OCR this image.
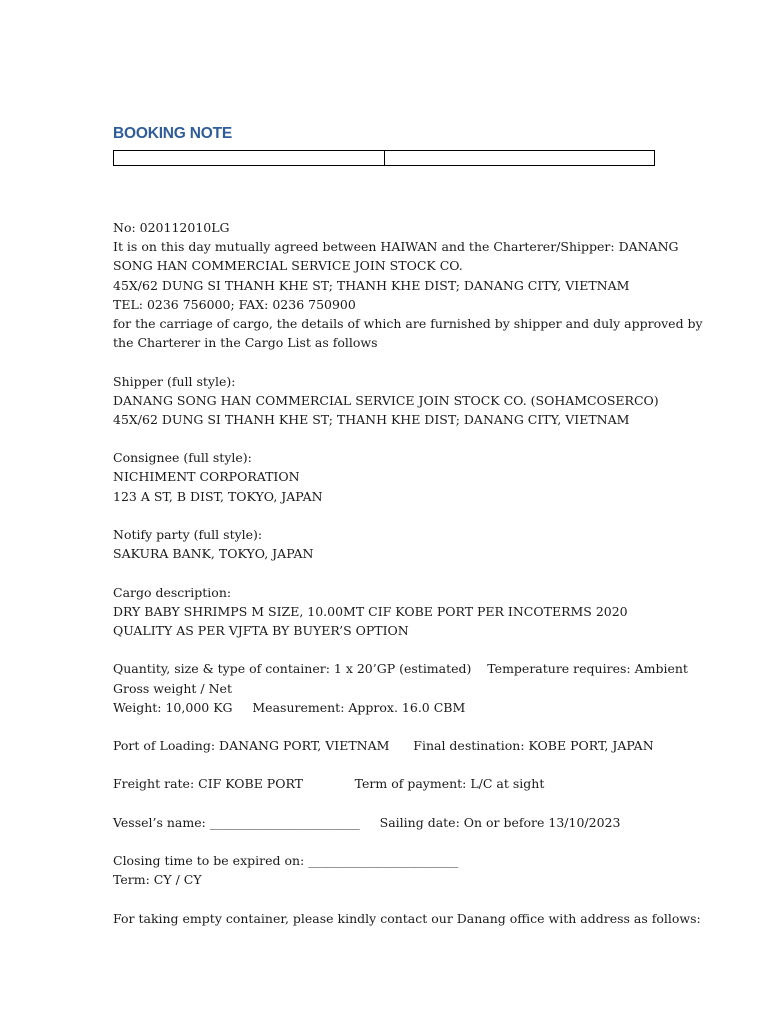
BOOKING NOTE

No: 020112010LG
It is on this day mutually agreed between HAIWAN and the Charterer/Shipper: DANANG
SONG HAN COMMERCIAL SERVICE JOIN STOCK CO.
45X/62 DUNG SI THANH KHE ST; THANH KHE DIST; DANANG CITY, VIETNAM
TEL: 0236 756000; FAX: 0236 750900
for the carriage of cargo, the details of which are furnished by shipper and duly approved by
the Charterer in the Cargo List as follows
Shipper (full style):
DANANG SONG HAN COMMERCIAL SERVICE JOIN STOCK CO. (SOHAMCOSERCO)
45X/62 DUNG SI THANH KHE ST; THANH KHE DIST; DANANG CITY, VIETNAM
Consignee (full style):
NICHIMENT CORPORATION
123 A ST, B DIST, TOKYO, JAPAN
Notify party (full style):
SAKURA BANK, TOKYO, JAPAN
Cargo description:
DRY BABY SHRIMPS M SIZE, 10.00MT CIF KOBE PORT PER INCOTERMS 2020
QUALITY AS PER VJFTA BY BUYER’S OPTION
Quantity, size & type of container: 1 x 20’GP (estimated)    Temperature requires: Ambient
Gross weight / Net
Weight: 10,000 KG     Measurement: Approx. 16.0 CBM
Port of Loading: DANANG PORT, VIETNAM      Final destination: KOBE PORT, JAPAN
Freight rate: CIF KOBE PORT             Term of payment: L/C at sight
Vessel’s name: ________________________     Sailing date: On or before 13/10/2023
Closing time to be expired on: ________________________
Term: CY / CY
For taking empty container, please kindly contact our Danang office with address as follows:
